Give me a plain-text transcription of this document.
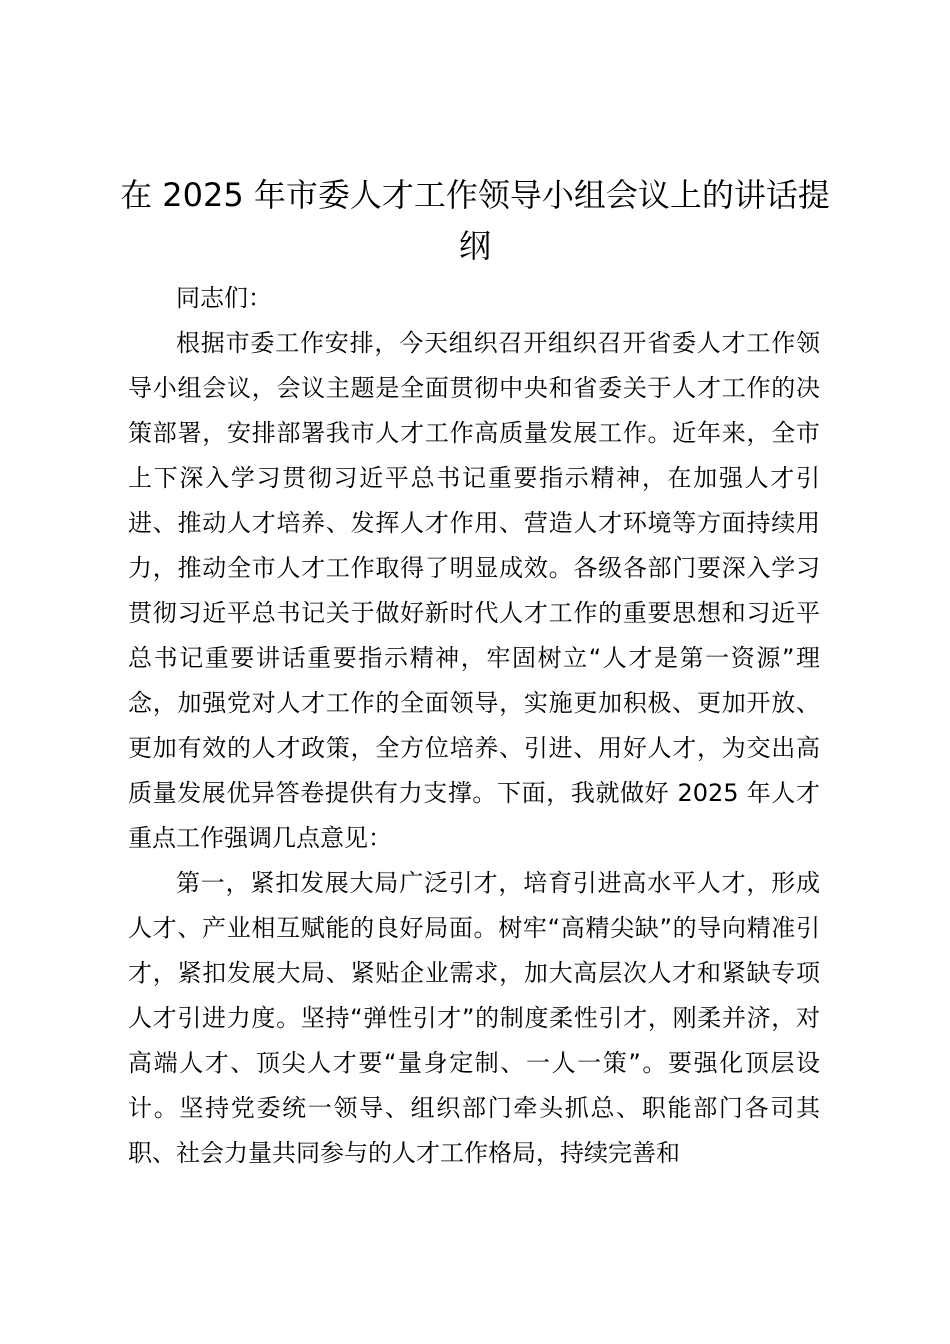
在 2025 年市委人才工作领导小组会议上的讲话提纲

同志们：

根据市委工作安排，今天组织召开组织召开省委人才工作领导小组会议，会议主题是全面贯彻中央和省委关于人才工作的决策部署，安排部署我市人才工作高质量发展工作。近年来，全市上下深入学习贯彻习近平总书记重要指示精神，在加强人才引进、推动人才培养、发挥人才作用、营造人才环境等方面持续用力，推动全市人才工作取得了明显成效。各级各部门要深入学习贯彻习近平总书记关于做好新时代人才工作的重要思想和习近平总书记重要讲话重要指示精神，牢固树立“人才是第一资源”理念，加强党对人才工作的全面领导，实施更加积极、更加开放、更加有效的人才政策，全方位培养、引进、用好人才，为交出高质量发展优异答卷提供有力支撑。下面，我就做好 2025 年人才重点工作强调几点意见：

第一，紧扣发展大局广泛引才，培育引进高水平人才，形成人才、产业相互赋能的良好局面。树牢“高精尖缺”的导向精准引才，紧扣发展大局、紧贴企业需求，加大高层次人才和紧缺专项人才引进力度。坚持“弹性引才”的制度柔性引才，刚柔并济，对高端人才、顶尖人才要“量身定制、一人一策”。要强化顶层设计。坚持党委统一领导、组织部门牵头抓总、职能部门各司其职、社会力量共同参与的人才工作格局，持续完善和
